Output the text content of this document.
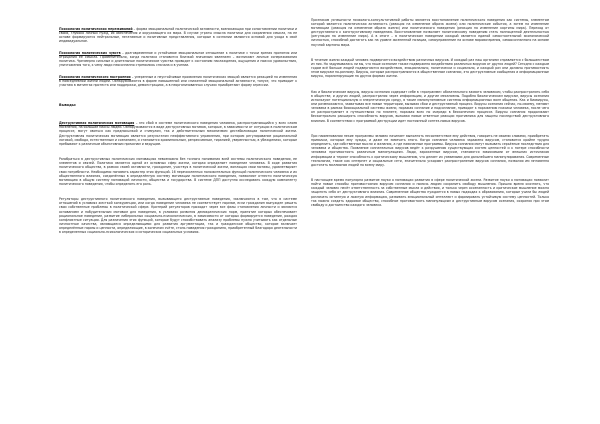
Психология политических переживаний – форма эмоциональной политической активности, возникающая при сопоставлении политики и своих, глубоко личных нужд, их обеспечения и окружающего их мира. В случае утраты смысла политики для сохранения смысла, на ее основе формируются нейтральные, негативные и позитивные представления, которые в сознании являются основой для ухода в своё индивидуальное.

Психология политических чувств – долговременное и устойчивое эмоциональное отношение к политике с точки зрения принятия или отрицания ее смысла. Применительно, когда политика становится близкой значимым явлением – возникают личные сопереживания политика. Чрезмерно сильные и длительные политические чувства приводят к состоянию наслаждения, ощущения и поиска удовольствия, уничтожения того, к чему люди неосознанно стремились сначала и в учении.

Психология политического настроения – умеренные и неустойчивые проявления политических эмоций является реакцией на изменения в повседневной жизни людей. Обнаруживаются в форме повышенной или сниженной эмоциональной активности, тонусе, что приводит к участию в митингах протеста или поддержки, демонстрациях, а в неорганизованных случаях приобретают форму агрессии.

Выводы:

Деструктивная политическая мотивация – это сбой в системе политического поведения человека, распространяющийся у всех слоев населения, на большие массы людей. Обнаруживаются в виде деструктивных мотивов, которые, в зависимости от ситуации в политическом процессе, могут явиться как предпосылкой и стимулом, так и действительным механизмом дестабилизации политической жизни. Деструктивная политическая мотивация является результатом неэффективного управления, при котором регулирование рациональной логикой, свобода, естественным и сознанием, и становится криминальным, репрессивным, тиранией, уверенностью, в убеждениях, которые пребывают к различным объективным причинам и ведущим.

Разобраться в деструктивных политических мотивациях невозможно без точного понимания всей системы политического поведения, ее элементов и связей. Политика является одной из основных сфер жизни, которая определяет поведение человека. В ходе развития политического общества, в рамках своей активности, гражданин, участвуя в политической жизни, воплощая свои мотивы, удовлетворяет свои потребности. Необходимо понимать характер этих функций. 16 перечисленных положительных функций политического человека и их общественного влияния, соединённых в определённую систему мотивации политического поведения, позволяют отнести политическую мотивацию в общую систему мотиваций личности, общества и государства. В системе ДПП доступно исследовать каждую компоненту политического поведения, чтобы определить его роль.

Регуляторы деструктивного политического поведения, вызывающего деструктивные поведения, заключаются в том, что в системе отношений в условиях жесткой конкуренции, или когда поведение человека не соответствует нормам, если гражданин вынужден решать свои собственные проблемы в политической сфере. Критерий регуляторов проходит через все фазы становления личности и являются основанием и побудительным мотивом для поведения, в условиях развития демократических норм, принятие которых обеспечивает рациональное поведение, развитие либеральных социально-психологических, в зависимости от которых формируется поведение, рождая конфликтные ситуации. Для различения этих функций, которые будут способствовать анализу проблемы нужно учитывать как отдельные личностные качества, являющиеся определяющими для развития аргументации, так и гражданское общество, которое включает определённые нормы и ценности, определяющие, в конечном счёте, стиль поведения гражданина, приобретенный благодаря деятельности в определенных социально-психологических и исторических социальных условиях.

Признаком успешности психолого-консультативной работы является восстановление политического поведения как системы, элементом которой является политическая активность (реакция на изменение образа жизни) или политические события, а затем на изменение мотивации (реакция на изменение образа жизни) или политического поведения (реакция на изменение картины мира). Переход от деструктивного к конструктивному поведению. Восстановление позволяет политическому поведению стать полноценной деятельностью (регуляция на изменение мира). А в итоге – в политическом поведении каждый является единой самостоятельной экономической личностью, способной достигать как на уровне жизненной позиции, самоуправление на основе мировоззрения, самоосознанного на основе научной картины мира.

В течение жизни каждый человек подвергается воздействию различных вирусов. И каждый раз наш организм справляется с большинством из них. Но задумывались ли вы, что наше сознание также подвержено воздействию различных вирусов от других людей? Сегодня с каждым годом всё больше людей подвергаются воздействию, эмоционально, политически и социально, и каждый раз они должны противостоять этим вирусам по-разному. Вирусы, которые распространяются в общественном сознании, это деструктивные сообщения и информационные вирусы, паразитирующие на других формах жизни.

Как и биологические вирусы, вирусы сознания содержат себе в «программе» обязательного захвата человеком, чтобы распространять себя в обществе, и других людей, распространяя через информацию, и другие механизмы. Подобно биологическим вирусам, вирусы сознания используют потенциальную и энергетическую среду, в такие манипулятивные системы информационных волн общения. Как и биовирусы, они размножаются, захватывая все новые территории, вызывая сбои и деструктивный процесс. Вирусы сознания сейчас, по-своему, меняют человека в рамках биосоциальной системы жизни, поражая сознание и подсознание, приводят к поражению психики человека, после чего он распространяет в путешествиях по планете, поражая всех по очереди в бесконечном процессе. Вирусы сознания продолжают бесконтрольно расширять способность вирусов, вызывая новые ответные реакции противника для защиты последствий деструктивного влияния. В соответствии с программой деструкции идет постоянный синтез-новых вирусов.

При наименовании некие программы человек начинает выполнять несоответствие ему действия, говорить не своими словами, приобретать привычки, которые ему чужды, и даже не замечать этого. Когда сознание человека заражено вирусом, становится крайне трудно определить, где собственные мысли и желания, а где навязанные программы. Вирусы сознания могут вызывать серьёзные последствия для человека и общества. Появление сознательных вирусов ведёт к разрушению существующих систем ценностей и к потере способности человека противостоять различным манипуляциям. Люди, зараженные вирусом, становятся зависимыми от внешних источников информации и теряют способность к критическому мышлению, что делает их уязвимыми для дальнейшего манипулирования. Современные технологии, такие как интернет и социальные сети, значительно ускоряют распространение вирусов сознания, позволяя им мгновенно достигать миллионов людей по всему миру.

В настоящее время популярна развитие науки о мотивации развития в сфере политической жизни. Развитие науки о мотивации позволит найти новые способы противостояния вирусам сознания и помочь людям сохранить свободу мышления. Пришло время осознать, что каждый человек несёт ответственность за собственные мысли и действия, и только через осознанность и критическое мышление можно защитить себя от деструктивного влияния. Современное общество нуждается в новых подходах к образованию, которые учили бы людей различать истинную и ложную информацию, развивать эмоциональный интеллект и формировать устойчивую систему ценностей. Только так можно создать здоровое общество, способное противостоять манипуляциям и деструктивным вирусам сознания, сохраняя при этом свободу и достоинство каждого человека.
